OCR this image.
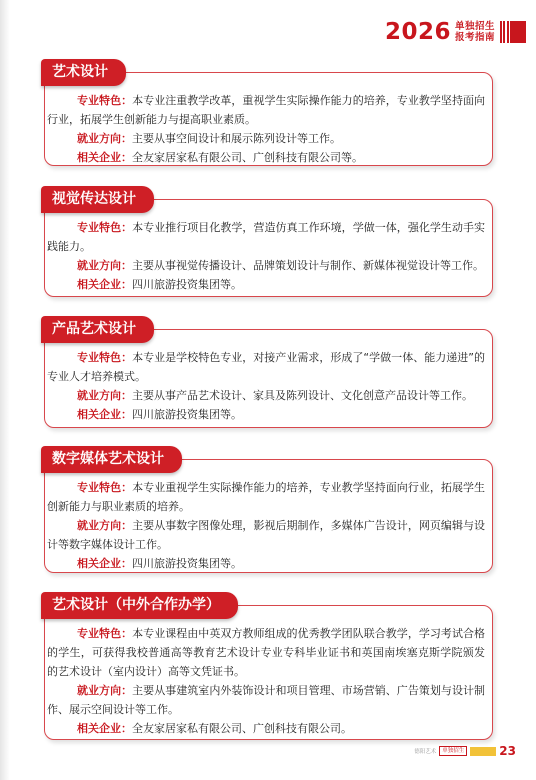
2026 单独招生
报考指南
艺术设计

专业特色：本专业注重教学改革，重视学生实际操作能力的培养，专业教学坚持面向行业，拓展学生创新能力与提高职业素质。

就业方向：主要从事空间设计和展示陈列设计等工作。

相关企业：全友家居家私有限公司、广创科技有限公司等。

视觉传达设计

专业特色：本专业推行项目化教学，营造仿真工作环境，学做一体，强化学生动手实践能力。

就业方向：主要从事视觉传播设计、品牌策划设计与制作、新媒体视觉设计等工作。

相关企业：四川旅游投资集团等。

产品艺术设计

专业特色：本专业是学校特色专业，对接产业需求，形成了“学做一体、能力递进”的专业人才培养模式。

就业方向：主要从事产品艺术设计、家具及陈列设计、文化创意产品设计等工作。

相关企业：四川旅游投资集团等。

数字媒体艺术设计

专业特色：本专业重视学生实际操作能力的培养，专业教学坚持面向行业，拓展学生创新能力与职业素质的培养。

就业方向：主要从事数字图像处理，影视后期制作，多媒体广告设计，网页编辑与设计等数字媒体设计工作。

相关企业：四川旅游投资集团等。

艺术设计（中外合作办学）

专业特色：本专业课程由中英双方教师组成的优秀教学团队联合教学，学习考试合格的学生，可获得我校普通高等教育艺术设计专业专科毕业证书和英国南埃塞克斯学院颁发的艺术设计（室内设计）高等文凭证书。

就业方向：主要从事建筑室内外装饰设计和项目管理、市场营销、广告策划与设计制作、展示空间设计等工作。

相关企业：全友家居家私有限公司、广创科技有限公司。

德阳艺术	单独招生	23
